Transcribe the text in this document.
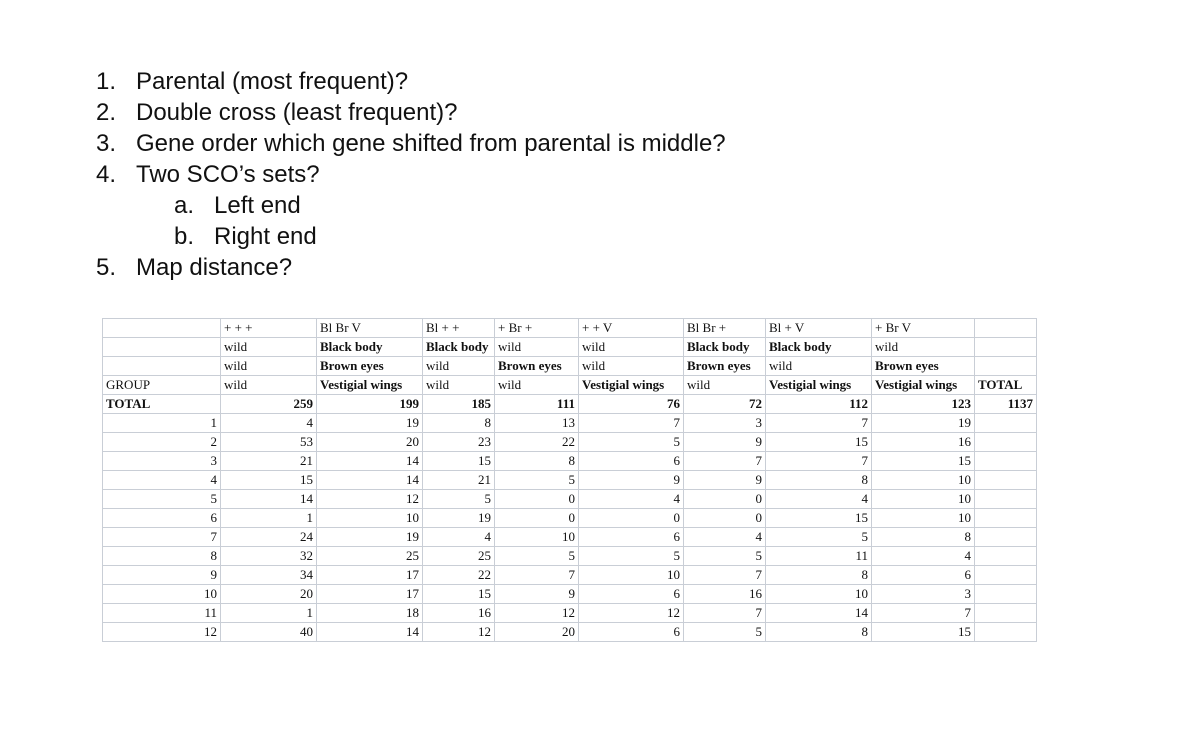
1. Parental (most frequent)?
2. Double cross (least frequent)?
3. Gene order which gene shifted from parental is middle?
4. Two SCO’s sets?
a. Left end
b. Right end
5. Map distance?
	+ + +	Bl Br V	Bl + +	+ Br +	+ + V	Bl Br +	Bl + V	+ Br V	
	wild	Black body	Black body	wild	wild	Black body	Black body	wild	
	wild	Brown eyes	wild	Brown eyes	wild	Brown eyes	wild	Brown eyes	
GROUP	wild	Vestigial wings	wild	wild	Vestigial wings	wild	Vestigial wings	Vestigial wings	TOTAL
TOTAL	259	199	185	111	76	72	112	123	1137
1	4	19	8	13	7	3	7	19	
2	53	20	23	22	5	9	15	16	
3	21	14	15	8	6	7	7	15	
4	15	14	21	5	9	9	8	10	
5	14	12	5	0	4	0	4	10	
6	1	10	19	0	0	0	15	10	
7	24	19	4	10	6	4	5	8	
8	32	25	25	5	5	5	11	4	
9	34	17	22	7	10	7	8	6	
10	20	17	15	9	6	16	10	3	
11	1	18	16	12	12	7	14	7	
12	40	14	12	20	6	5	8	15	
